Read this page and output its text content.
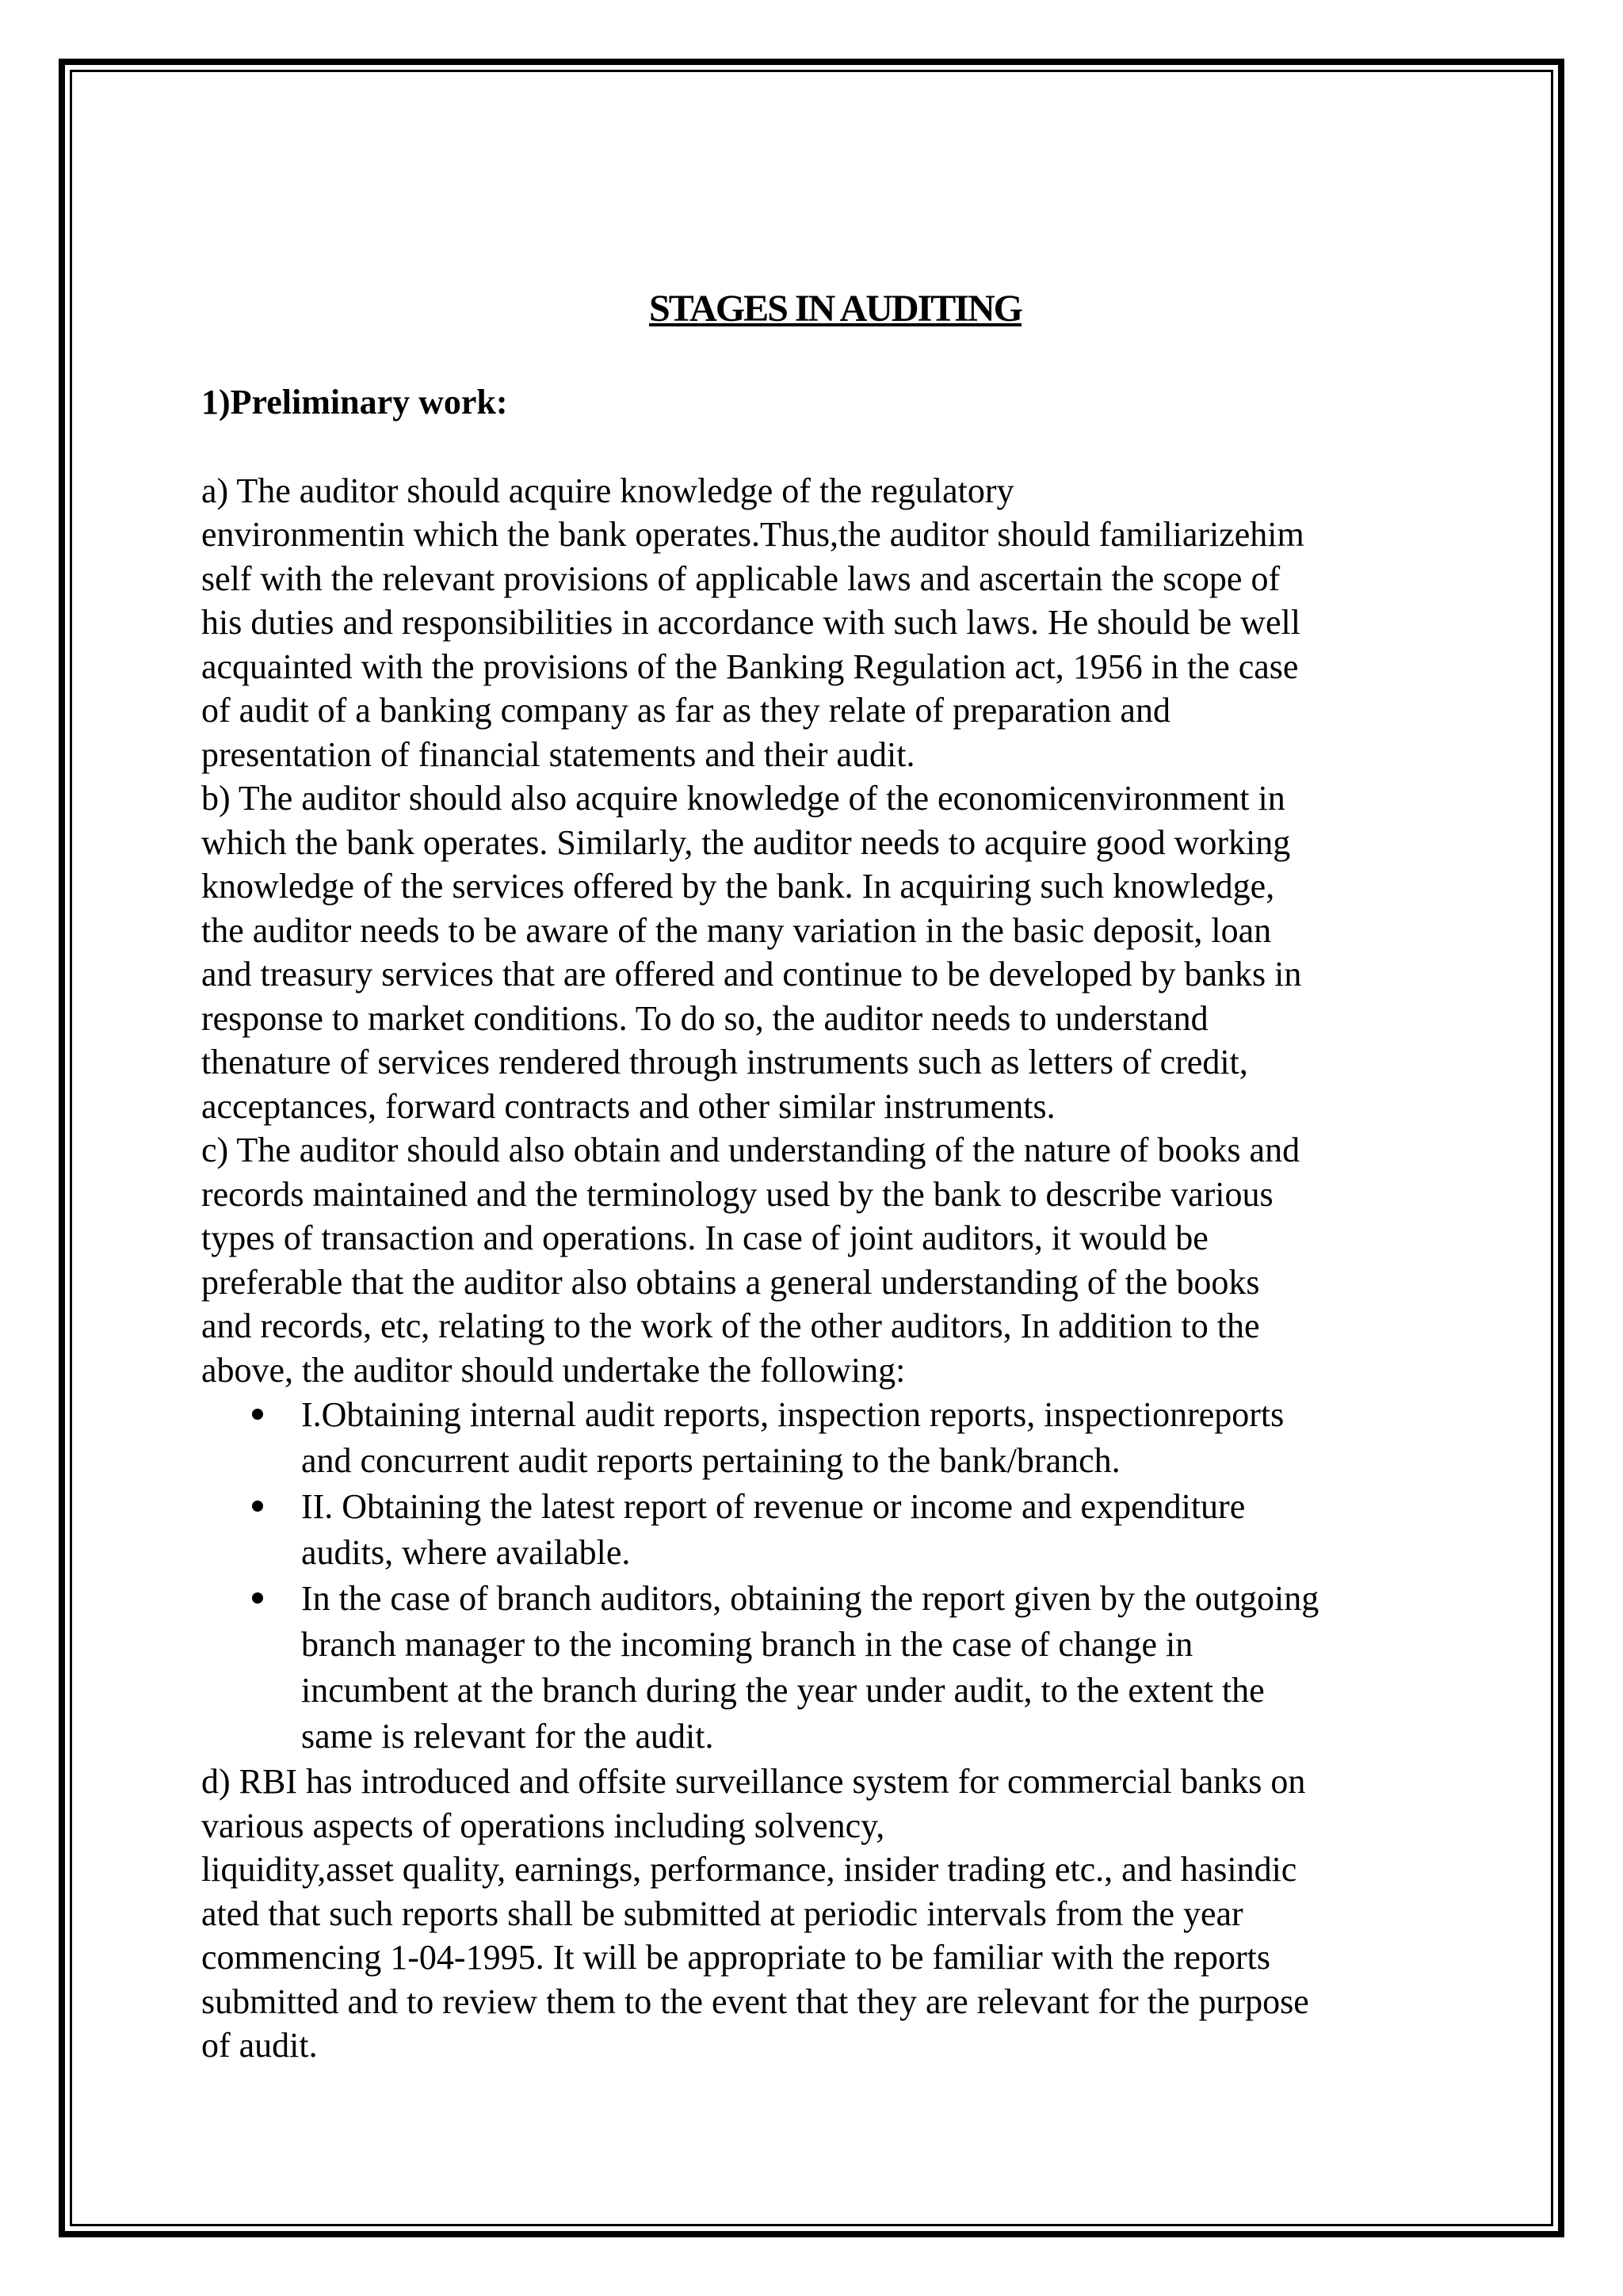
STAGES IN AUDITING
1)Preliminary work:
a) The auditor should acquire knowledge of the regulatory
environmentin which the bank operates.Thus,the auditor should familiarizehim
self with the relevant provisions of applicable laws and ascertain the scope of
his duties and responsibilities in accordance with such laws. He should be well
acquainted with the provisions of the Banking Regulation act, 1956 in the case
of audit of a banking company as far as they relate of preparation and
presentation of financial statements and their audit.
b) The auditor should also acquire knowledge of the economicenvironment in
which the bank operates. Similarly, the auditor needs to acquire good working
knowledge of the services offered by the bank. In acquiring such knowledge,
the auditor needs to be aware of the many variation in the basic deposit, loan
and treasury services that are offered and continue to be developed by banks in
response to market conditions. To do so, the auditor needs to understand
thenature of services rendered through instruments such as letters of credit,
acceptances, forward contracts and other similar instruments.
c) The auditor should also obtain and understanding of the nature of books and
records maintained and the terminology used by the bank to describe various
types of transaction and operations. In case of joint auditors, it would be
preferable that the auditor also obtains a general understanding of the books
and records, etc, relating to the work of the other auditors, In addition to the
above, the auditor should undertake the following:
I.Obtaining internal audit reports, inspection reports, inspectionreports
and concurrent audit reports pertaining to the bank/branch.
II. Obtaining the latest report of revenue or income and expenditure
audits, where available.
In the case of branch auditors, obtaining the report given by the outgoing
branch manager to the incoming branch in the case of change in
incumbent at the branch during the year under audit, to the extent the
same is relevant for the audit.
d) RBI has introduced and offsite surveillance system for commercial banks on
various aspects of operations including solvency,
liquidity,asset quality, earnings, performance, insider trading etc., and hasindic
ated that such reports shall be submitted at periodic intervals from the year
commencing 1-04-1995. It will be appropriate to be familiar with the reports
submitted and to review them to the event that they are relevant for the purpose
of audit.
